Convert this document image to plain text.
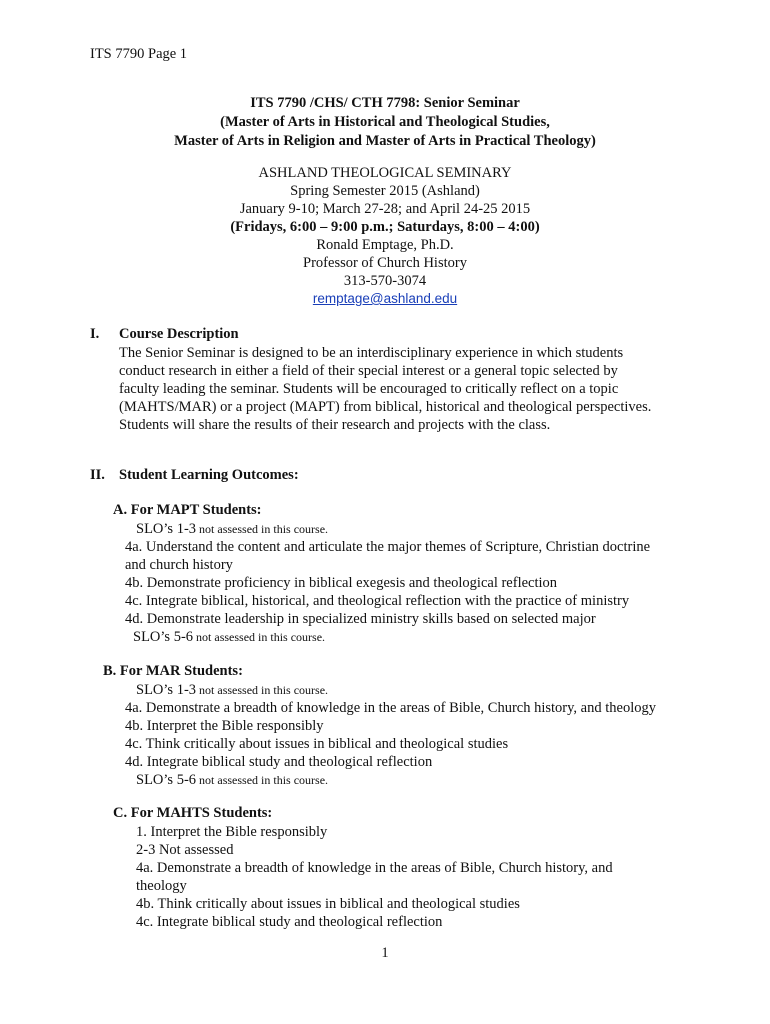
ITS 7790 Page 1
ITS 7790 /CHS/ CTH 7798: Senior Seminar
(Master of Arts in Historical and Theological Studies,
Master of Arts in Religion and Master of Arts in Practical Theology)
ASHLAND THEOLOGICAL SEMINARY
Spring Semester 2015 (Ashland)
January 9-10; March 27-28; and April 24-25 2015
(Fridays, 6:00 – 9:00 p.m.; Saturdays, 8:00 – 4:00)
Ronald Emptage, Ph.D.
Professor of Church History
313-570-3074
remptage@ashland.edu
I. Course Description
The Senior Seminar is designed to be an interdisciplinary experience in which students
conduct research in either a field of their special interest or a general topic selected by
faculty leading the seminar. Students will be encouraged to critically reflect on a topic
(MAHTS/MAR) or a project (MAPT) from biblical, historical and theological perspectives.
Students will share the results of their research and projects with the class.
II. Student Learning Outcomes:
A. For MAPT Students:
SLO’s 1-3 not assessed in this course.
4a. Understand the content and articulate the major themes of Scripture, Christian doctrine
and church history
4b. Demonstrate proficiency in biblical exegesis and theological reflection
4c. Integrate biblical, historical, and theological reflection with the practice of ministry
4d. Demonstrate leadership in specialized ministry skills based on selected major
SLO’s 5-6 not assessed in this course.
B. For MAR Students:
SLO’s 1-3 not assessed in this course.
4a. Demonstrate a breadth of knowledge in the areas of Bible, Church history, and theology
4b. Interpret the Bible responsibly
4c. Think critically about issues in biblical and theological studies
4d. Integrate biblical study and theological reflection
SLO’s 5-6 not assessed in this course.
C. For MAHTS Students:
1. Interpret the Bible responsibly
2-3 Not assessed
4a. Demonstrate a breadth of knowledge in the areas of Bible, Church history, and
theology
4b. Think critically about issues in biblical and theological studies
4c. Integrate biblical study and theological reflection
1
